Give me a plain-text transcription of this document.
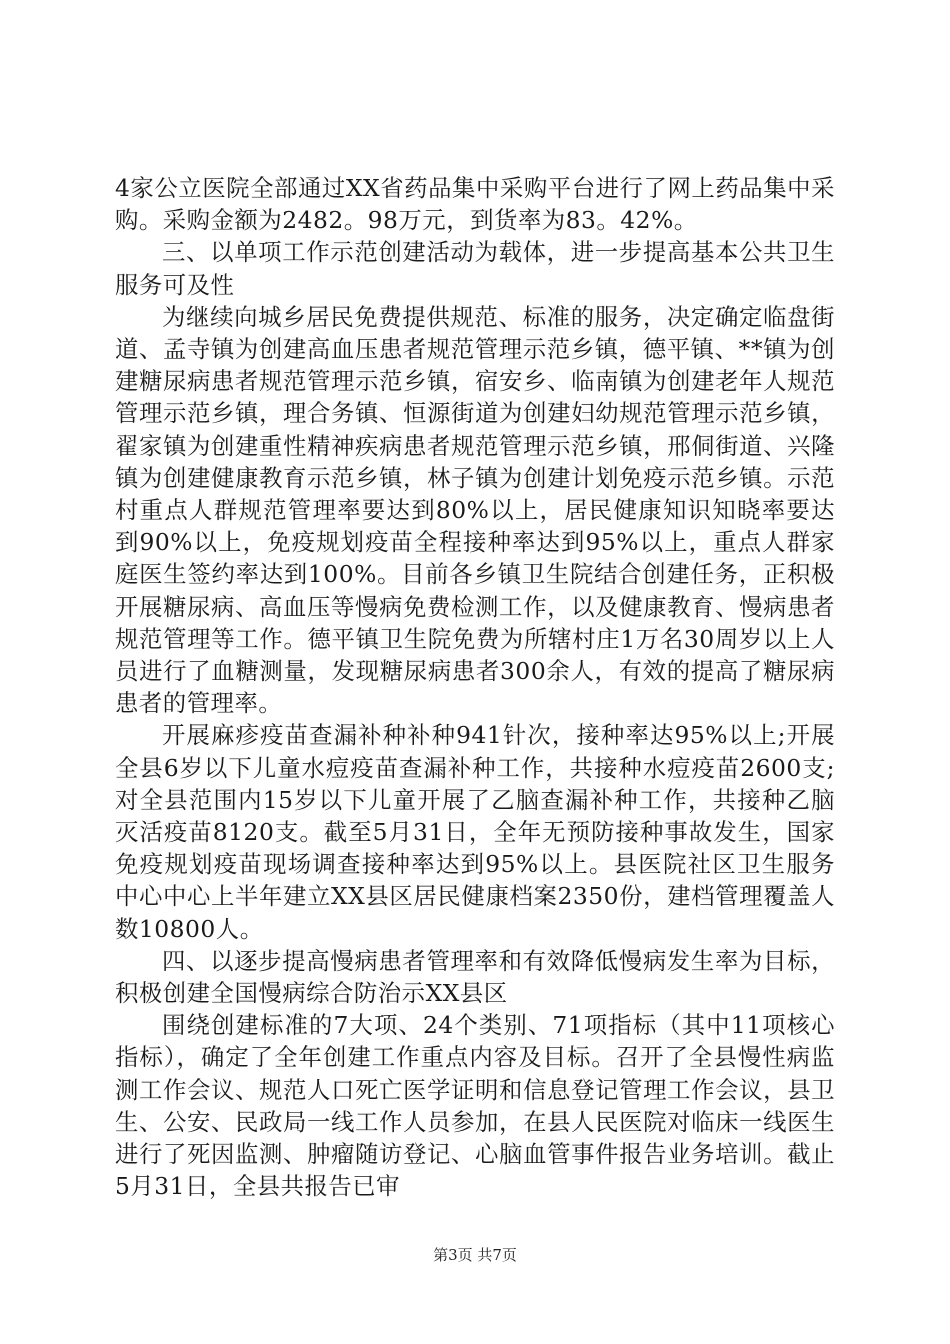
4家公立医院全部通过XX省药品集中采购平台进行了网上药品集中采购。采购金额为2482。98万元，到货率为83。42%。

三、以单项工作示范创建活动为载体，进一步提高基本公共卫生服务可及性

为继续向城乡居民免费提供规范、标准的服务，决定确定临盘街道、孟寺镇为创建高血压患者规范管理示范乡镇，德平镇、**镇为创建糖尿病患者规范管理示范乡镇，宿安乡、临南镇为创建老年人规范管理示范乡镇，理合务镇、恒源街道为创建妇幼规范管理示范乡镇，翟家镇为创建重性精神疾病患者规范管理示范乡镇，邢侗街道、兴隆镇为创建健康教育示范乡镇，林子镇为创建计划免疫示范乡镇。示范村重点人群规范管理率要达到80%以上，居民健康知识知晓率要达到90%以上，免疫规划疫苗全程接种率达到95%以上，重点人群家庭医生签约率达到100%。目前各乡镇卫生院结合创建任务，正积极开展糖尿病、高血压等慢病免费检测工作，以及健康教育、慢病患者规范管理等工作。德平镇卫生院免费为所辖村庄1万名30周岁以上人员进行了血糖测量，发现糖尿病患者300余人，有效的提高了糖尿病患者的管理率。

开展麻疹疫苗查漏补种补种941针次，接种率达95%以上;开展全县6岁以下儿童水痘疫苗查漏补种工作，共接种水痘疫苗2600支;对全县范围内15岁以下儿童开展了乙脑查漏补种工作，共接种乙脑灭活疫苗8120支。截至5月31日，全年无预防接种事故发生，国家免疫规划疫苗现场调查接种率达到95%以上。县医院社区卫生服务中心中心上半年建立XX县区居民健康档案2350份，建档管理覆盖人数10800人。

四、以逐步提高慢病患者管理率和有效降低慢病发生率为目标，积极创建全国慢病综合防治示XX县区

围绕创建标准的7大项、24个类别、71项指标（其中11项核心指标），确定了全年创建工作重点内容及目标。召开了全县慢性病监测工作会议、规范人口死亡医学证明和信息登记管理工作会议，县卫生、公安、民政局一线工作人员参加，在县人民医院对临床一线医生进行了死因监测、肿瘤随访登记、心脑血管事件报告业务培训。截止5月31日，全县共报告已审

第3页 共7页
